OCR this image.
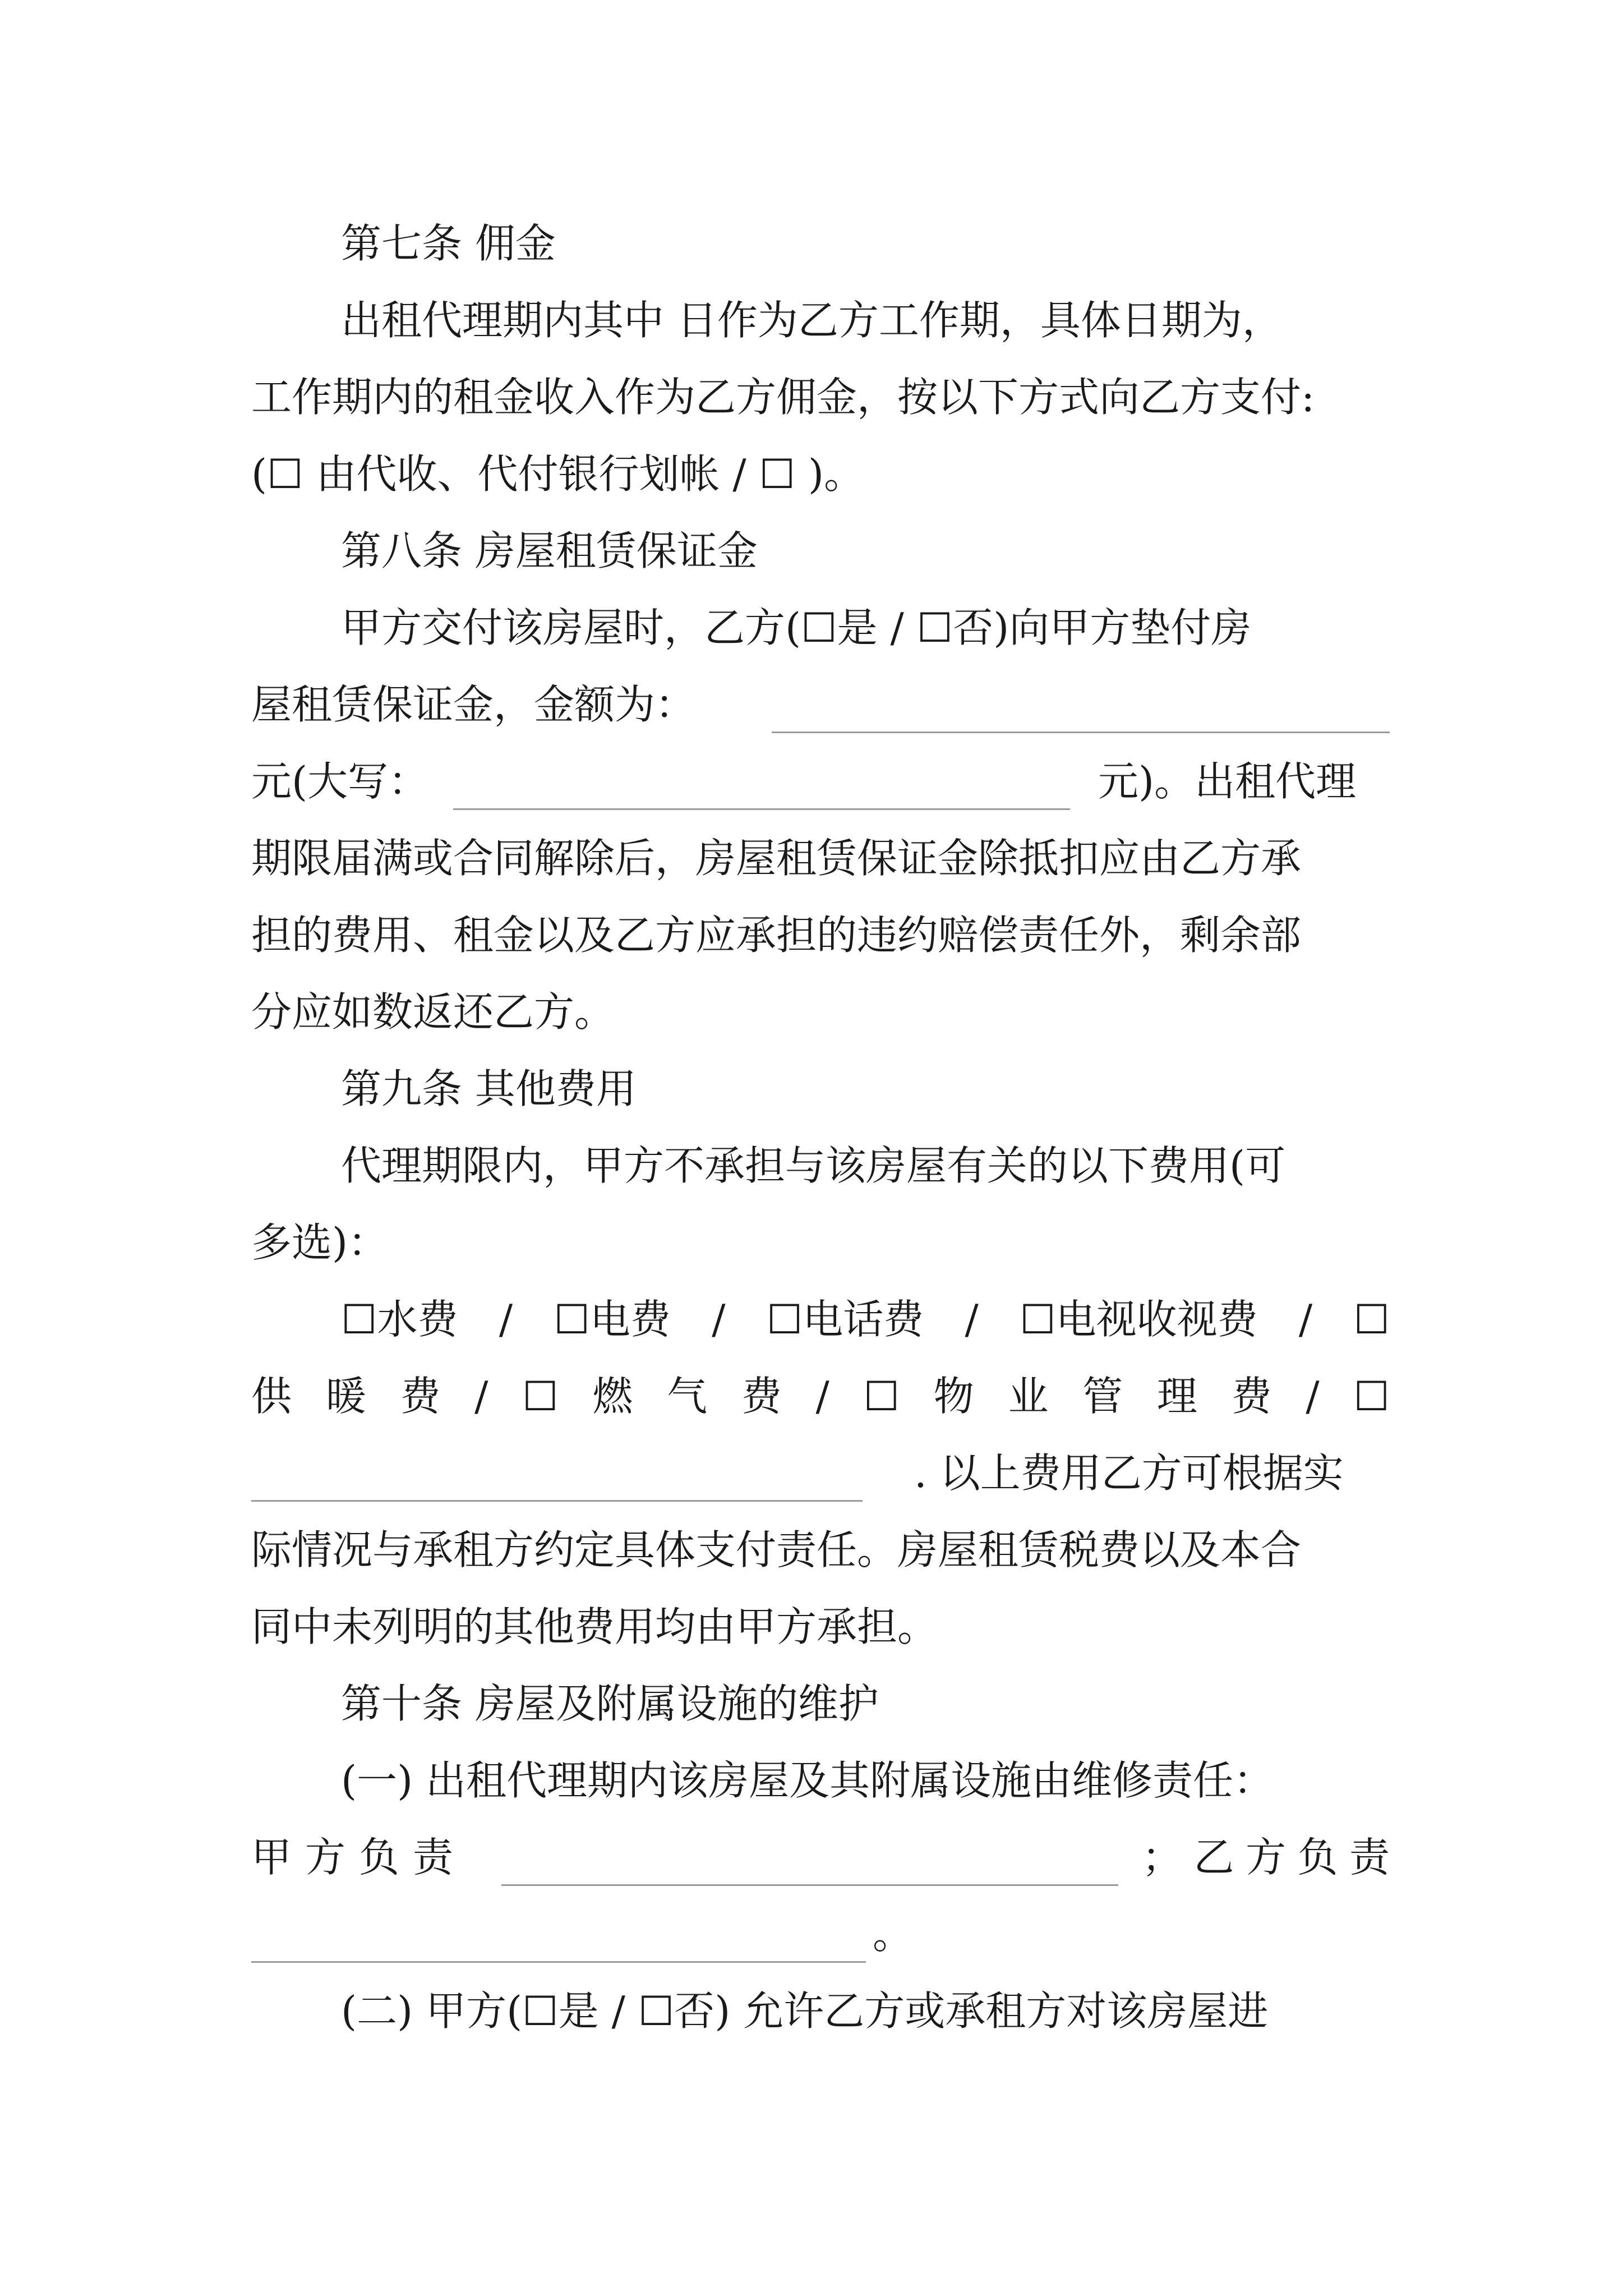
第七条 佣金
出租代理期内其中 日作为乙方工作期，具体日期为，
工作期内的租金收入作为乙方佣金，按以下方式向乙方支付:
(☐ 由代收、代付银行划帐 / ☐ )。
第八条 房屋租赁保证金
甲方交付该房屋时，乙方(☐是 / ☐否)向甲方垫付房
屋租赁保证金，金额为：
元(大写：	元)。出租代理
期限届满或合同解除后，房屋租赁保证金除抵扣应由乙方承
担的费用、租金以及乙方应承担的违约赔偿责任外，剩余部
分应如数返还乙方。
第九条 其他费用
代理期限内，甲方不承担与该房屋有关的以下费用(可
多选)：
☐水费 / ☐电费 / ☐电话费 / ☐电视收视费 / ☐
供 暖 费 / ☐ 燃 气 费 / ☐ 物 业 管 理 费 / ☐
. 以上费用乙方可根据实
际情况与承租方约定具体支付责任。房屋租赁税费以及本合
同中未列明的其他费用均由甲方承担。
第十条 房屋及附属设施的维护
(一) 出租代理期内该房屋及其附属设施由维修责任：
甲 方 负 责	； 乙 方 负 责
。
(二) 甲方(☐是 / ☐否) 允许乙方或承租方对该房屋进
